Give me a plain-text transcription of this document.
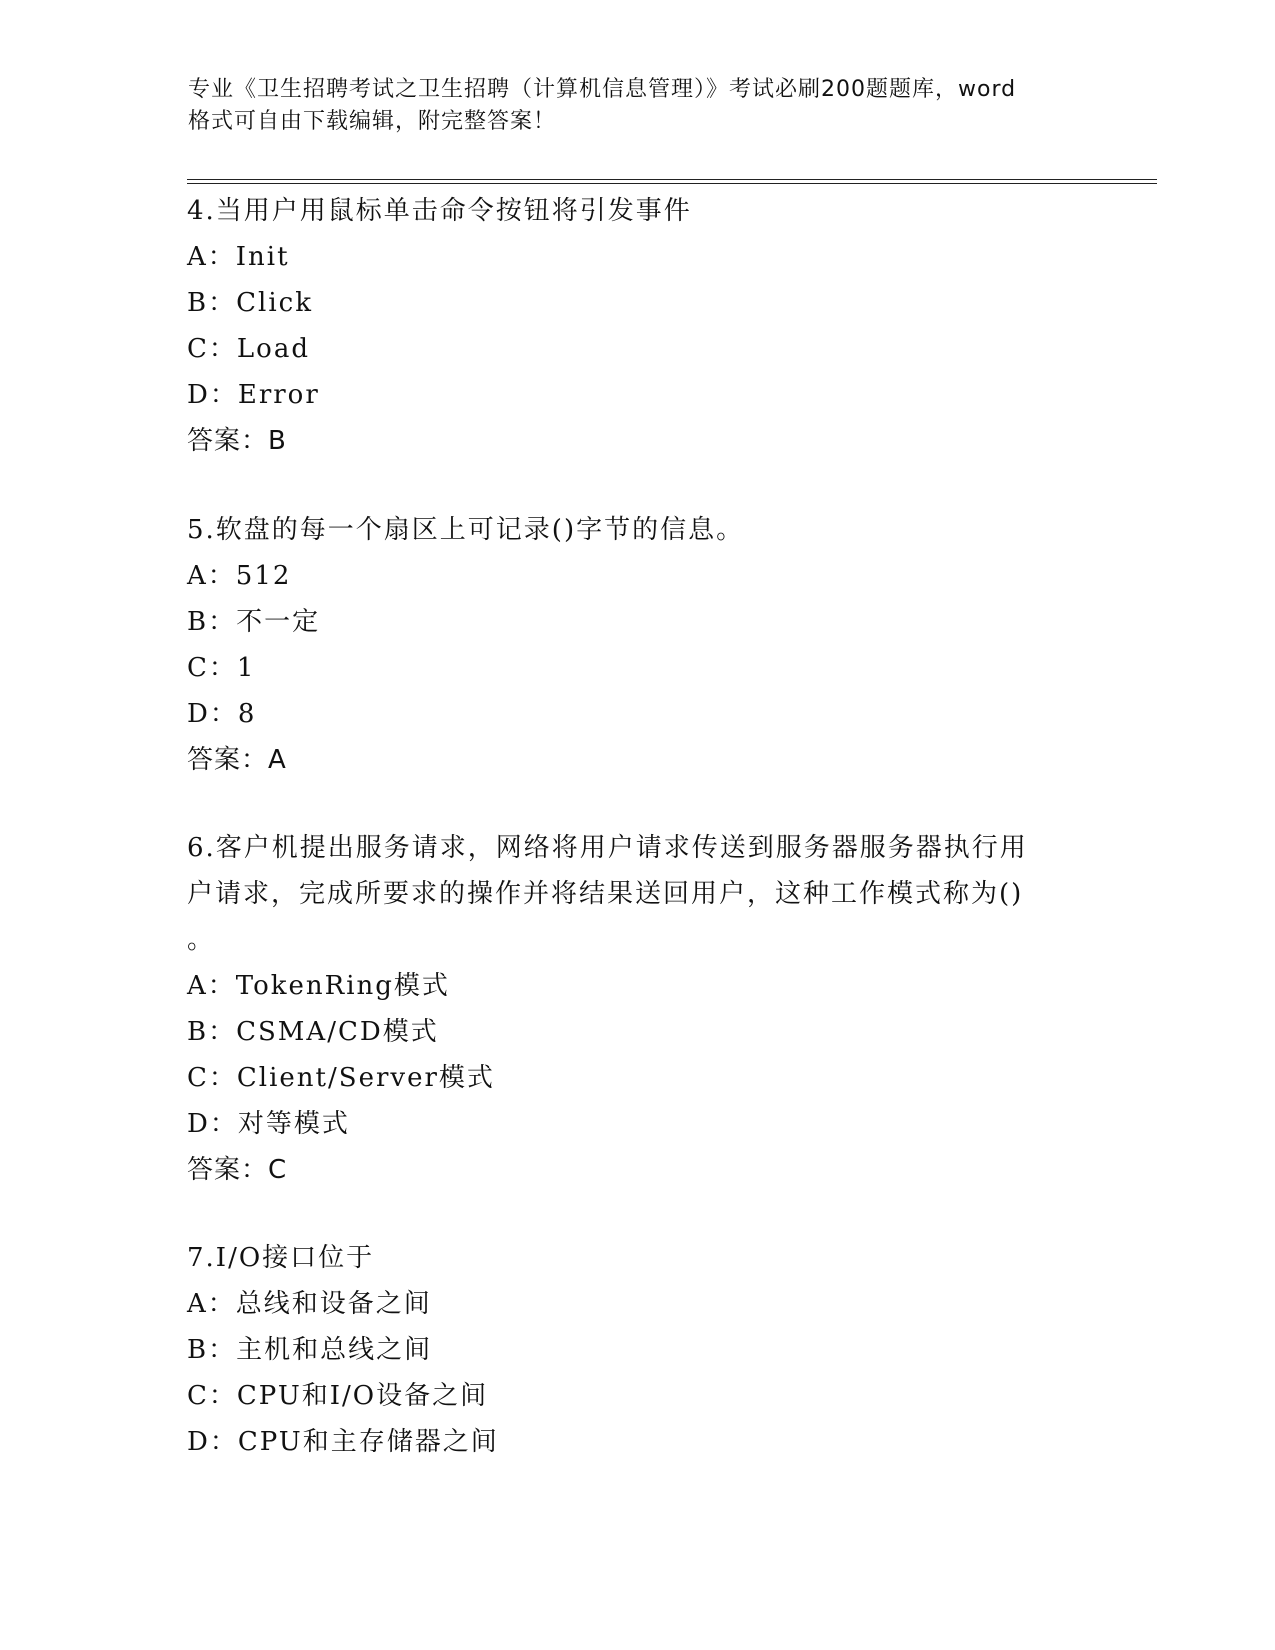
专业《卫生招聘考试之卫生招聘（计算机信息管理）》考试必刷200题题库，word
格式可自由下载编辑，附完整答案！
4.当用户用鼠标单击命令按钮将引发事件
A：Init
B：Click
C：Load
D：Error
答案：B
5.软盘的每一个扇区上可记录()字节的信息。
A：512
B：不一定
C：1
D：8
答案：A
6.客户机提出服务请求，网络将用户请求传送到服务器服务器执行用
户请求，完成所要求的操作并将结果送回用户，这种工作模式称为()
。
A：TokenRing模式
B：CSMA/CD模式
C：Client/Server模式
D：对等模式
答案：C
7.I/O接口位于
A：总线和设备之间
B：主机和总线之间
C：CPU和I/O设备之间
D：CPU和主存储器之间
